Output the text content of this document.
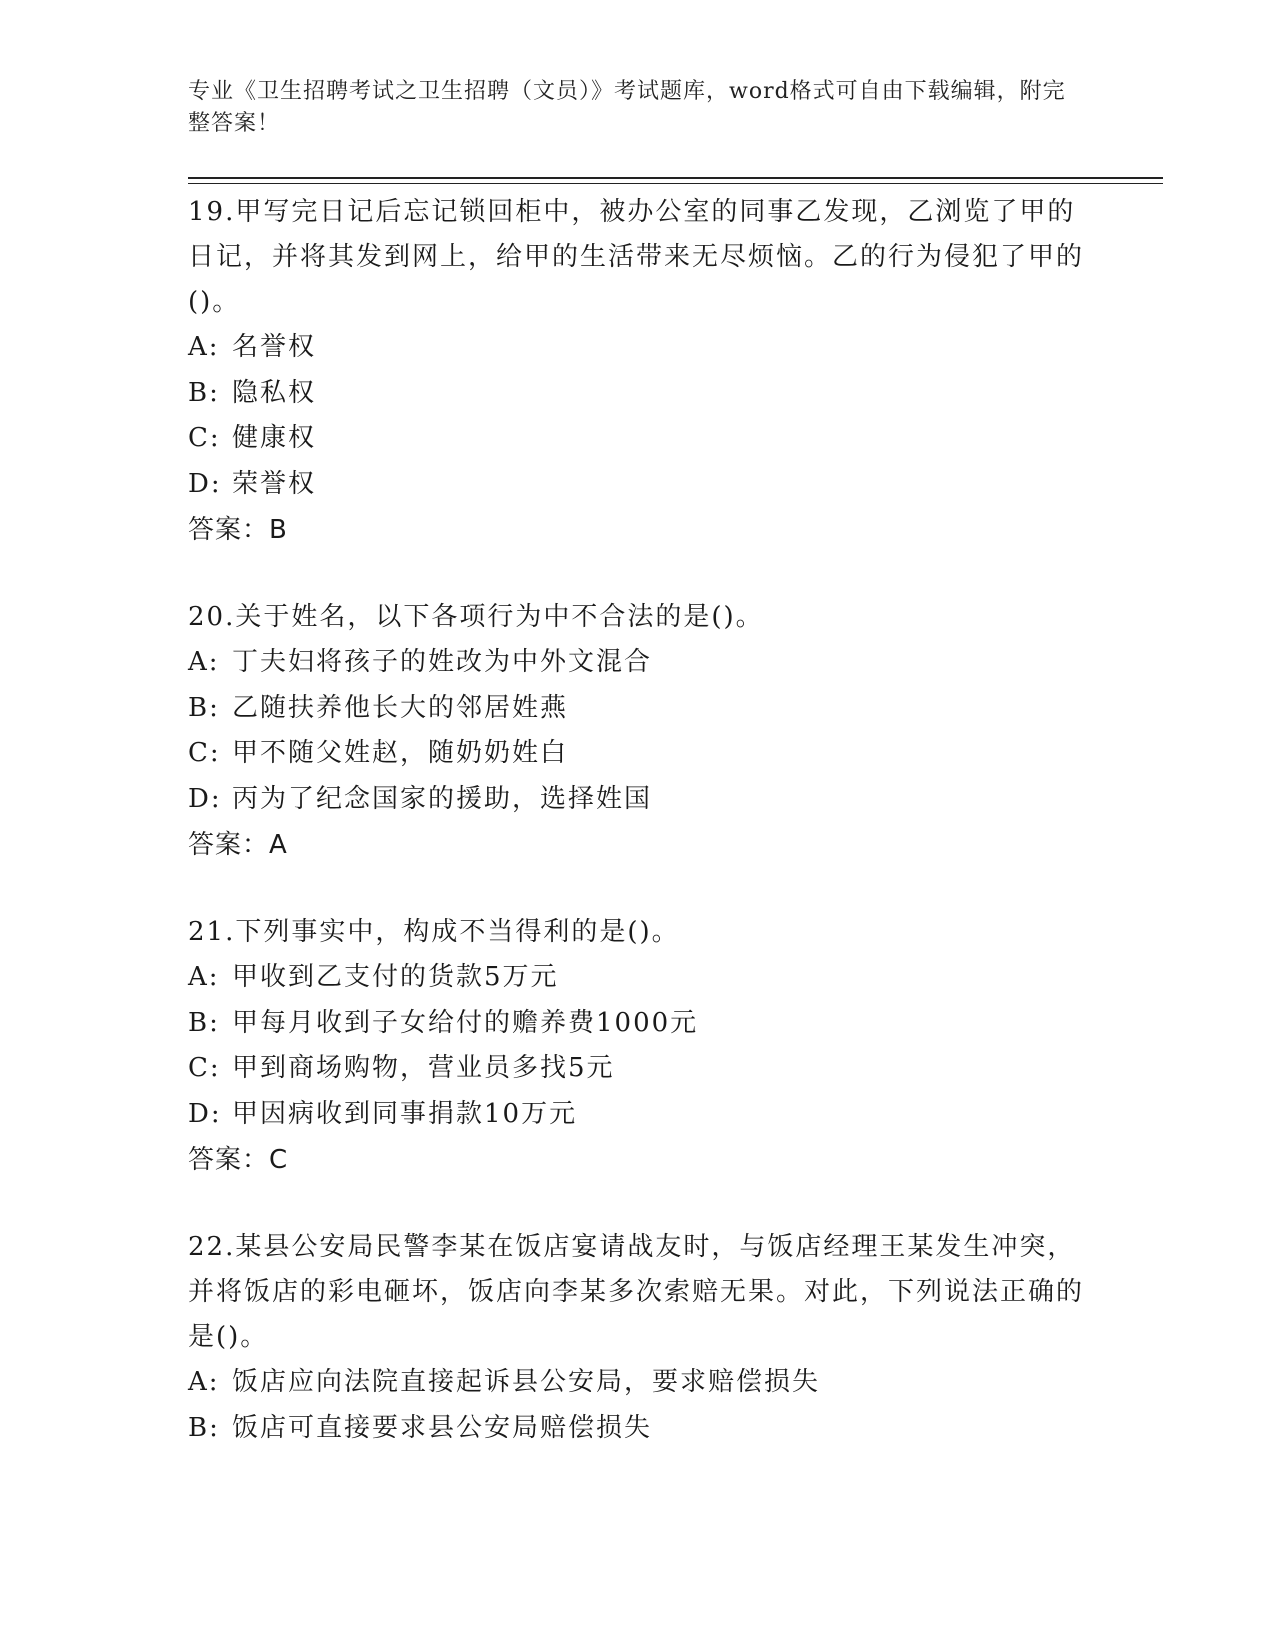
专业《卫生招聘考试之卫生招聘（文员）》考试题库，word格式可自由下载编辑，附完整答案！

19.甲写完日记后忘记锁回柜中，被办公室的同事乙发现，乙浏览了甲的日记，并将其发到网上，给甲的生活带来无尽烦恼。乙的行为侵犯了甲的()。

A: 名誉权

B: 隐私权

C: 健康权

D: 荣誉权

答案：B

20.关于姓名，以下各项行为中不合法的是()。

A: 丁夫妇将孩子的姓改为中外文混合

B: 乙随扶养他长大的邻居姓燕

C: 甲不随父姓赵，随奶奶姓白

D: 丙为了纪念国家的援助，选择姓国

答案：A

21.下列事实中，构成不当得利的是()。

A: 甲收到乙支付的货款5万元

B: 甲每月收到子女给付的赡养费1000元

C: 甲到商场购物，营业员多找5元

D: 甲因病收到同事捐款10万元

答案：C

22.某县公安局民警李某在饭店宴请战友时，与饭店经理王某发生冲突，并将饭店的彩电砸坏，饭店向李某多次索赔无果。对此，下列说法正确的是()。

A: 饭店应向法院直接起诉县公安局，要求赔偿损失

B: 饭店可直接要求县公安局赔偿损失
